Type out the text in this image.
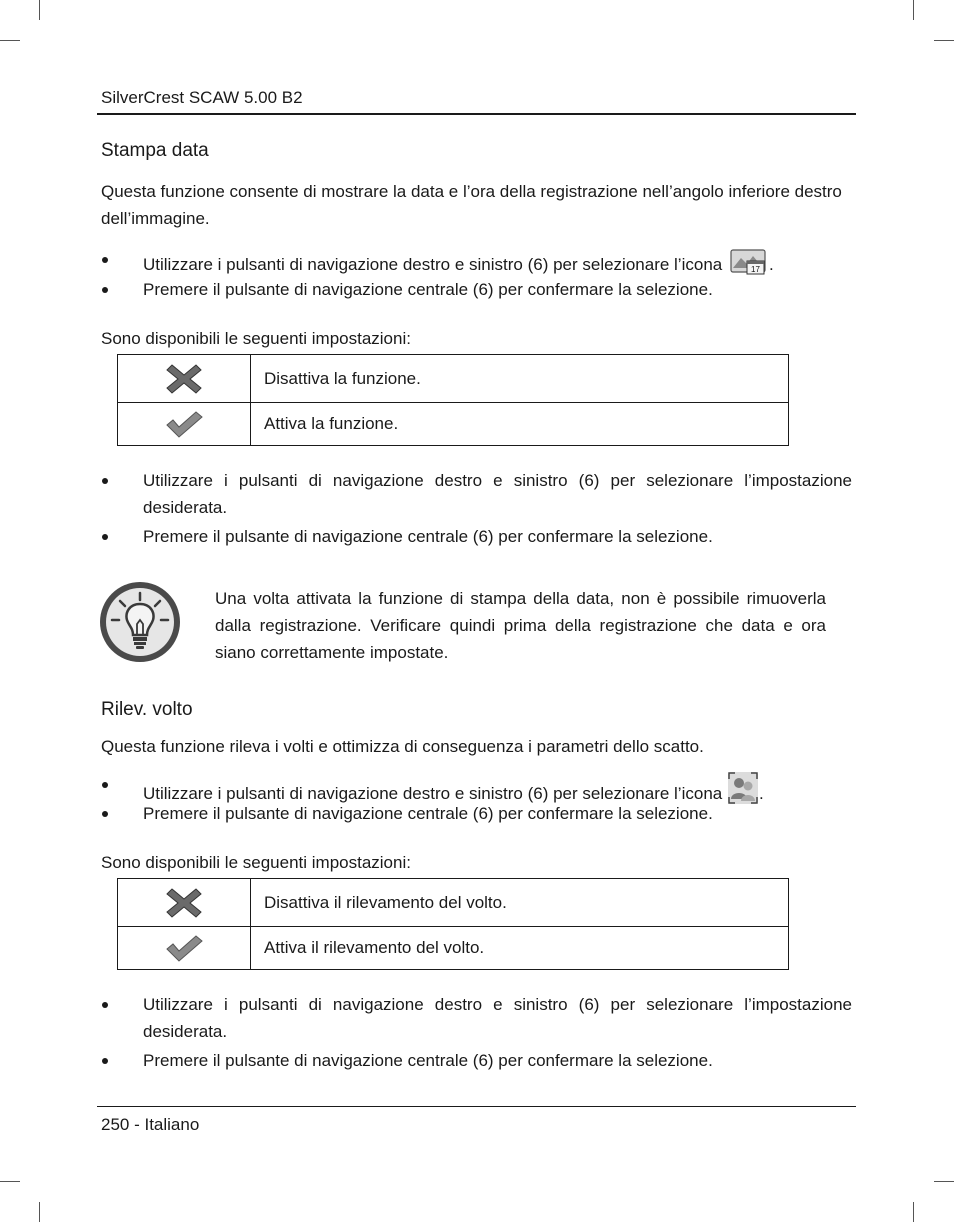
SilverCrest SCAW 5.00 B2
Stampa data
Questa funzione consente di mostrare la data e l’ora della registrazione nell’angolo inferiore destro dell’immagine.
Utilizzare i pulsanti di navigazione destro e sinistro (6) per selezionare l’icona	17 .
Premere il pulsante di navigazione centrale (6) per confermare la selezione.
Sono disponibili le seguenti impostazioni:
	Disattiva la funzione.

	Attiva la funzione.
Utilizzare i pulsanti di navigazione destro e sinistro (6) per selezionare l’impostazione desiderata.
Premere il pulsante di navigazione centrale (6) per confermare la selezione.
Una volta attivata la funzione di stampa della data, non è possibile rimuoverla dalla registrazione. Verificare quindi prima della registrazione che data e ora siano correttamente impostate.
Rilev. volto
Questa funzione rileva i volti e ottimizza di conseguenza i parametri dello scatto.
Utilizzare i pulsanti di navigazione destro e sinistro (6) per selezionare l’icona .
Premere il pulsante di navigazione centrale (6) per confermare la selezione.
Sono disponibili le seguenti impostazioni:
	Disattiva il rilevamento del volto.

	Attiva il rilevamento del volto.
Utilizzare i pulsanti di navigazione destro e sinistro (6) per selezionare l’impostazione desiderata.
Premere il pulsante di navigazione centrale (6) per confermare la selezione.
250 - Italiano
